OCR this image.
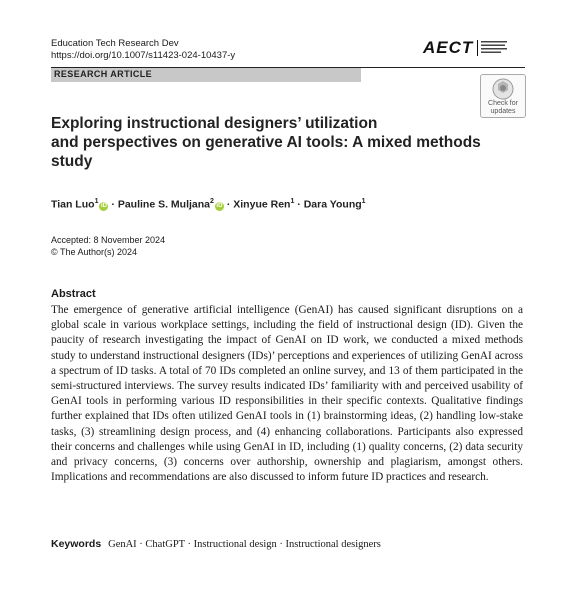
Education Tech Research Dev
https://doi.org/10.1007/s11423-024-10437-y	AECT
RESEARCH ARTICLE
Check for
updates
Exploring instructional designers’ utilization
and perspectives on generative AI tools: A mixed methods
study
Tian Luo$^1$iD · Pauline S. Muljana$^2$iD · Xinyue Ren$^1$ · Dara Young$^1$
Accepted: 8 November 2024
© The Author(s) 2024
Abstract
The emergence of generative artificial intelligence (GenAI) has caused significant disruptions on a global scale in various workplace settings, including the field of instructional design (ID). Given the paucity of research investigating the impact of GenAI on ID work, we conducted a mixed methods study to understand instructional designers (IDs)’ perceptions and experiences of utilizing GenAI across a spectrum of ID tasks. A total of 70 IDs completed an online survey, and 13 of them participated in the semi-structured interviews. The survey results indicated IDs’ familiarity with and perceived usability of GenAI tools in performing various ID responsibilities in their specific contexts. Qualitative findings further explained that IDs often utilized GenAI tools in (1) brainstorming ideas, (2) handling low-stake tasks, (3) streamlining design process, and (4) enhancing collaborations. Participants also expressed their concerns and challenges while using GenAI in ID, including (1) quality concerns, (2) data security and privacy concerns, (3) concerns over authorship, ownership and plagiarism, amongst others. Implications and recommendations are also discussed to inform future ID practices and research.
Keywords GenAI · ChatGPT · Instructional design · Instructional designers
